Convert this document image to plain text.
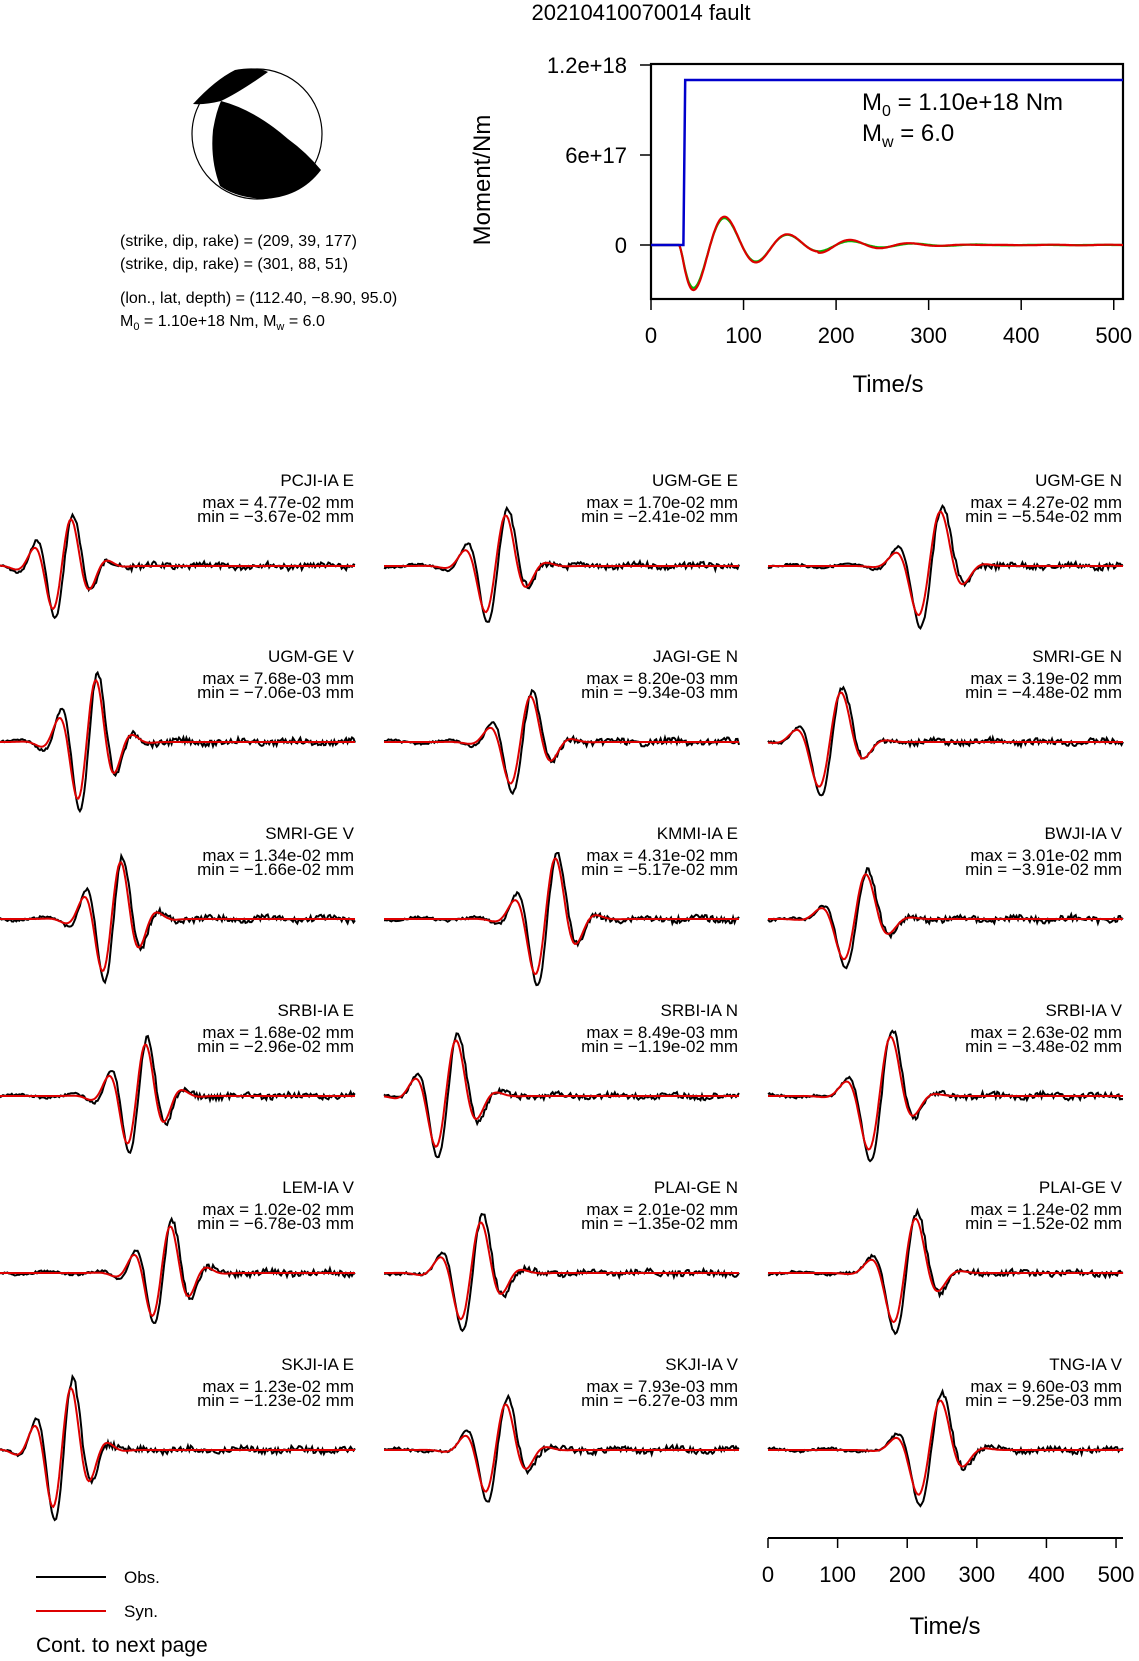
20210410070014 fault
(strike, dip, rake) = (209, 39, 177)
(strike, dip, rake) = (301, 88, 51)
(lon., lat, depth) = (112.40, −8.90, 95.0)
$M_0 = 1.10e+18$ Nm, $M_w = 6.0$
0
6e+17
1.2e+18
0	100	200	300	400	500
Moment/Nm
Time/s
$M_0 = 1.10e+18$ Nm
$M_w = 6.0$
PCJI-IA E
max = 4.77e-02 mm
min = −3.67e-02 mm
UGM-GE E
max = 1.70e-02 mm
min = −2.41e-02 mm
UGM-GE N
max = 4.27e-02 mm
min = −5.54e-02 mm
UGM-GE V
max = 7.68e-03 mm
min = −7.06e-03 mm
JAGI-GE N
max = 8.20e-03 mm
min = −9.34e-03 mm
SMRI-GE N
max = 3.19e-02 mm
min = −4.48e-02 mm
SMRI-GE V
max = 1.34e-02 mm
min = −1.66e-02 mm
KMMI-IA E
max = 4.31e-02 mm
min = −5.17e-02 mm
BWJI-IA V
max = 3.01e-02 mm
min = −3.91e-02 mm
SRBI-IA E
max = 1.68e-02 mm
min = −2.96e-02 mm
SRBI-IA N
max = 8.49e-03 mm
min = −1.19e-02 mm
SRBI-IA V
max = 2.63e-02 mm
min = −3.48e-02 mm
LEM-IA V
max = 1.02e-02 mm
min = −6.78e-03 mm
PLAI-GE N
max = 2.01e-02 mm
min = −1.35e-02 mm
PLAI-GE V
max = 1.24e-02 mm
min = −1.52e-02 mm
SKJI-IA E
max = 1.23e-02 mm
min = −1.23e-02 mm
SKJI-IA V
max = 7.93e-03 mm
min = −6.27e-03 mm
TNG-IA V
max = 9.60e-03 mm
min = −9.25e-03 mm
Time/s
0 100 200 300 400 500
Obs.
Syn.
Cont. to next page
